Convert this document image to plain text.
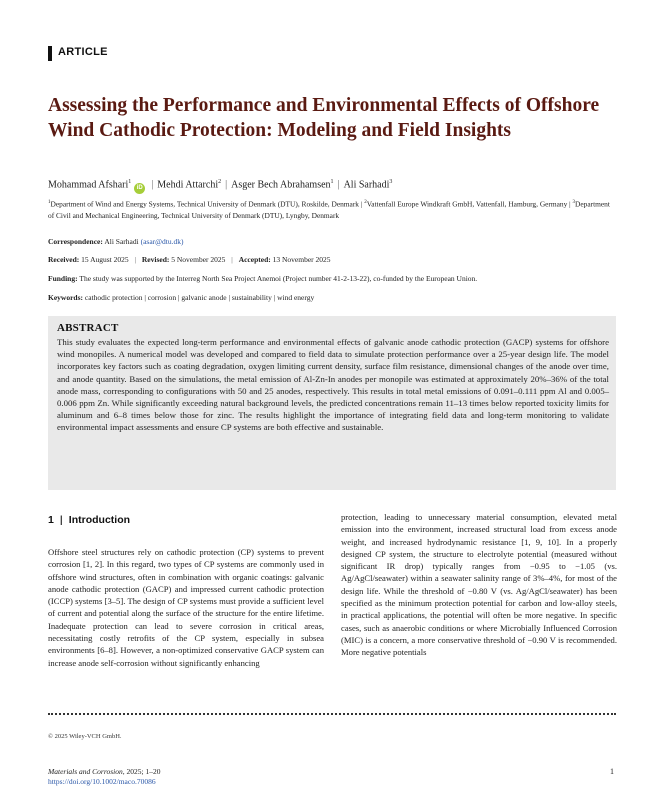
ARTICLE
Assessing the Performance and Environmental Effects of Offshore Wind Cathodic Protection: Modeling and Field Insights
Mohammad Afshari$^1$iD | Mehdi Attarchi$^2$ | Asger Bech Abrahamsen$^1$ | Ali Sarhadi$^3$
$^1$Department of Wind and Energy Systems, Technical University of Denmark (DTU), Roskilde, Denmark | $^2$Vattenfall Europe Windkraft GmbH, Vattenfall, Hamburg, Germany | $^3$Department of Civil and Mechanical Engineering, Technical University of Denmark (DTU), Lyngby, Denmark
Correspondence: Ali Sarhadi (asar@dtu.dk)
Received: 15 August 2025 | Revised: 5 November 2025 | Accepted: 13 November 2025
Funding: The study was supported by the Interreg North Sea Project Anemoi (Project number 41-2-13-22), co-funded by the European Union.
Keywords: cathodic protection | corrosion | galvanic anode | sustainability | wind energy
ABSTRACT
This study evaluates the expected long-term performance and environmental effects of galvanic anode cathodic protection (GACP) systems for offshore wind monopiles. A numerical model was developed and compared to field data to simulate protection performance over a 25-year design life. The model incorporates key factors such as coating degradation, oxygen limiting current density, surface film resistance, dimensional changes of the anode over time, and anode quantity. Based on the simulations, the metal emission of Al-Zn-In anodes per monopile was estimated at approximately 20%–36% of the total anode mass, corresponding to configurations with 50 and 25 anodes, respectively. This results in total metal emissions of 0.091–0.111 ppm Al and 0.005–0.006 ppm Zn. While significantly exceeding natural background levels, the predicted concentrations remain 11–13 times below reported toxicity limits for aluminum and 6–8 times below those for zinc. The results highlight the importance of integrating field data and long-term monitoring to validate environmental impact assessments and ensure CP systems are both effective and sustainable.
1 | Introduction
Offshore steel structures rely on cathodic protection (CP) systems to prevent corrosion [1, 2]. In this regard, two types of CP systems are commonly used in offshore wind structures, often in combination with organic coatings: galvanic anode cathodic protection (GACP) and impressed current cathodic protection (ICCP) systems [3–5]. The design of CP systems must provide a sufficient level of current and potential along the surface of the structure for the entire lifetime. Inadequate protection can lead to severe corrosion in critical areas, necessitating costly retrofits of the CP system, especially in subsea environments [6–8]. However, a non-optimized conservative GACP system can increase anode self-corrosion without significantly enhancing
protection, leading to unnecessary material consumption, elevated metal emission into the environment, increased structural load from excess anode weight, and increased hydrodynamic resistance [1, 9, 10]. In a properly designed CP system, the structure to electrolyte potential (measured without significant IR drop) typically ranges from −0.95 to −1.05 (vs. Ag/AgCl/seawater) within a seawater salinity range of 3%–4%, for most of the design life. While the threshold of −0.80 V (vs. Ag/AgCl/seawater) has been specified as the minimum protection potential for carbon and low-alloy steels, in practical applications, the potential will often be more negative. In specific cases, such as anaerobic conditions or where Microbially Influenced Corrosion (MIC) is a concern, a more conservative threshold of −0.90 V is recommended. More negative potentials
© 2025 Wiley-VCH GmbH.
Materials and Corrosion, 2025; 1–20
https://doi.org/10.1002/maco.70086
1
